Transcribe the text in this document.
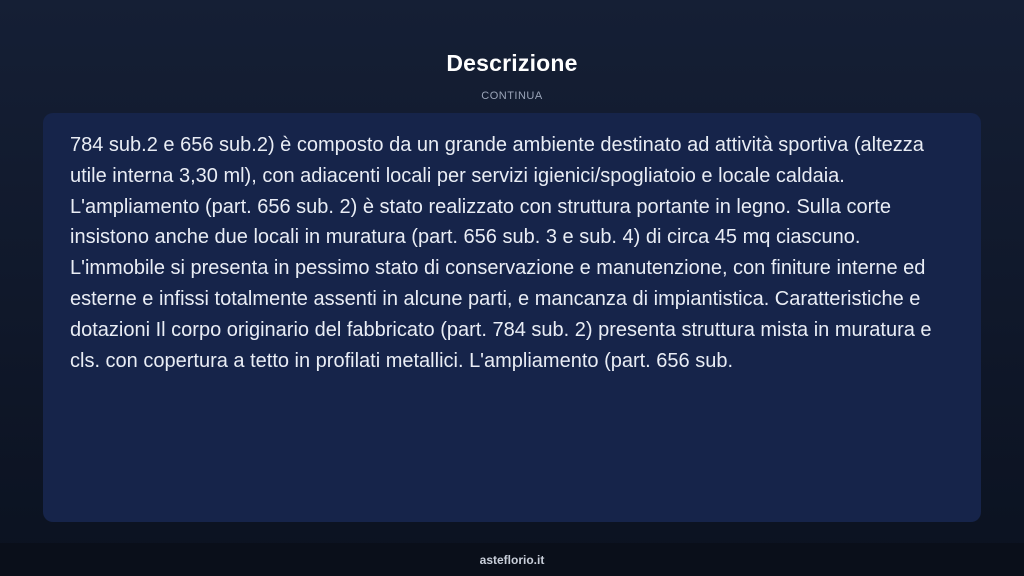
Descrizione
CONTINUA

784 sub.2 e 656 sub.2) è composto da un grande ambiente destinato ad attività sportiva (altezza utile interna 3,30 ml), con adiacenti locali per servizi igienici/spogliatoio e locale caldaia. L'ampliamento (part. 656 sub. 2) è stato realizzato con struttura portante in legno. Sulla corte insistono anche due locali in muratura (part. 656 sub. 3 e sub. 4) di circa 45 mq ciascuno. L'immobile si presenta in pessimo stato di conservazione e manutenzione, con finiture interne ed esterne e infissi totalmente assenti in alcune parti, e mancanza di impiantistica. Caratteristiche e dotazioni Il corpo originario del fabbricato (part. 784 sub. 2) presenta struttura mista in muratura e cls. con copertura a tetto in profilati metallici. L'ampliamento (part. 656 sub.

asteflorio.it
